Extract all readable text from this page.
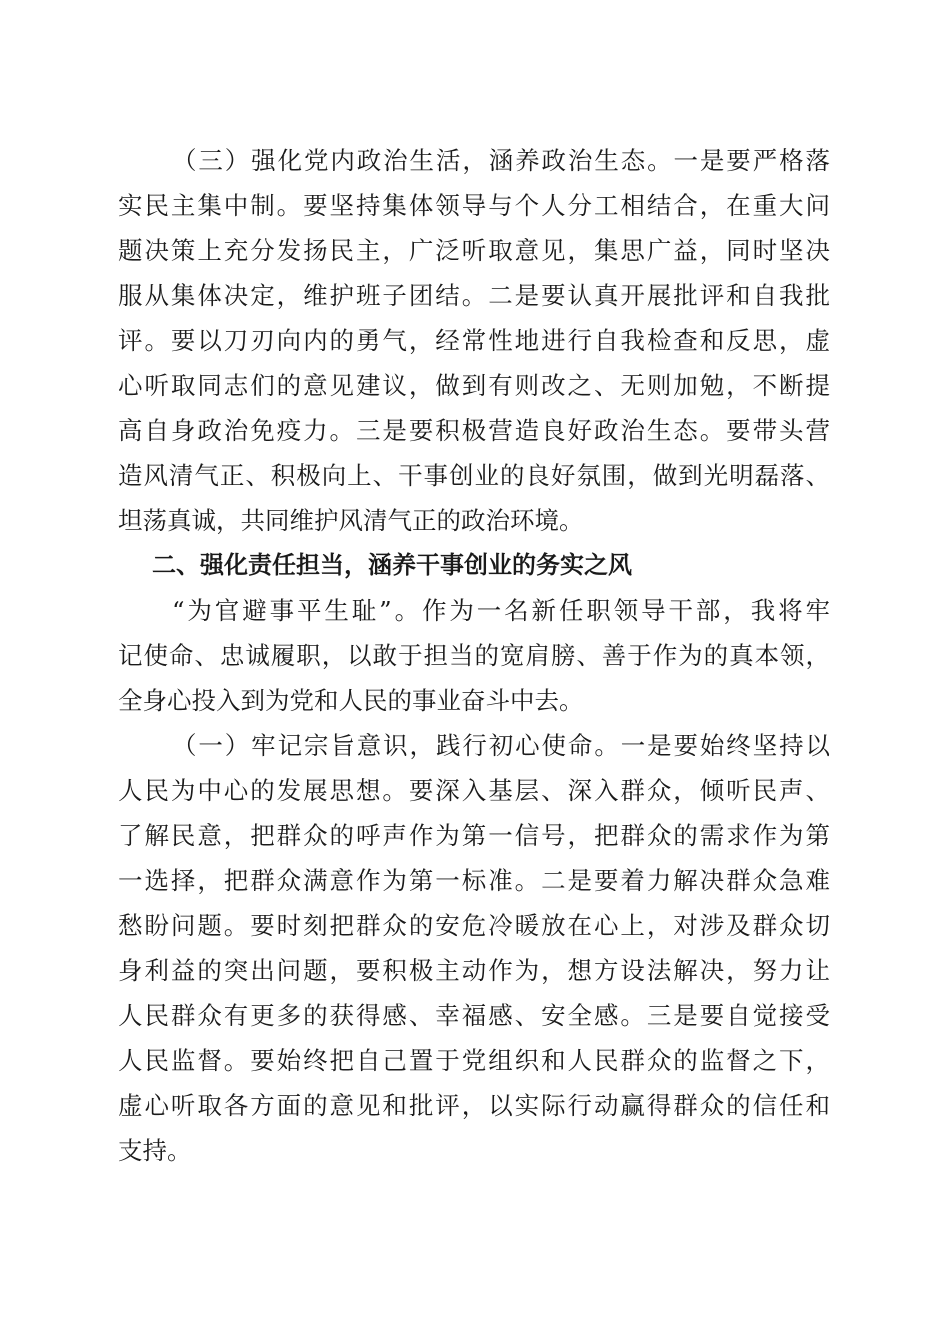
（三）强化党内政治生活，涵养政治生态。一是要严格落
实民主集中制。要坚持集体领导与个人分工相结合，在重大问
题决策上充分发扬民主，广泛听取意见，集思广益，同时坚决
服从集体决定，维护班子团结。二是要认真开展批评和自我批
评。要以刀刃向内的勇气，经常性地进行自我检查和反思，虚
心听取同志们的意见建议，做到有则改之、无则加勉，不断提
高自身政治免疫力。三是要积极营造良好政治生态。要带头营
造风清气正、积极向上、干事创业的良好氛围，做到光明磊落、
坦荡真诚，共同维护风清气正的政治环境。
二、强化责任担当，涵养干事创业的务实之风
“为官避事平生耻”。作为一名新任职领导干部，我将牢
记使命、忠诚履职，以敢于担当的宽肩膀、善于作为的真本领，
全身心投入到为党和人民的事业奋斗中去。
（一）牢记宗旨意识，践行初心使命。一是要始终坚持以
人民为中心的发展思想。要深入基层、深入群众，倾听民声、
了解民意，把群众的呼声作为第一信号，把群众的需求作为第
一选择，把群众满意作为第一标准。二是要着力解决群众急难
愁盼问题。要时刻把群众的安危冷暖放在心上，对涉及群众切
身利益的突出问题，要积极主动作为，想方设法解决，努力让
人民群众有更多的获得感、幸福感、安全感。三是要自觉接受
人民监督。要始终把自己置于党组织和人民群众的监督之下，
虚心听取各方面的意见和批评，以实际行动赢得群众的信任和
支持。
